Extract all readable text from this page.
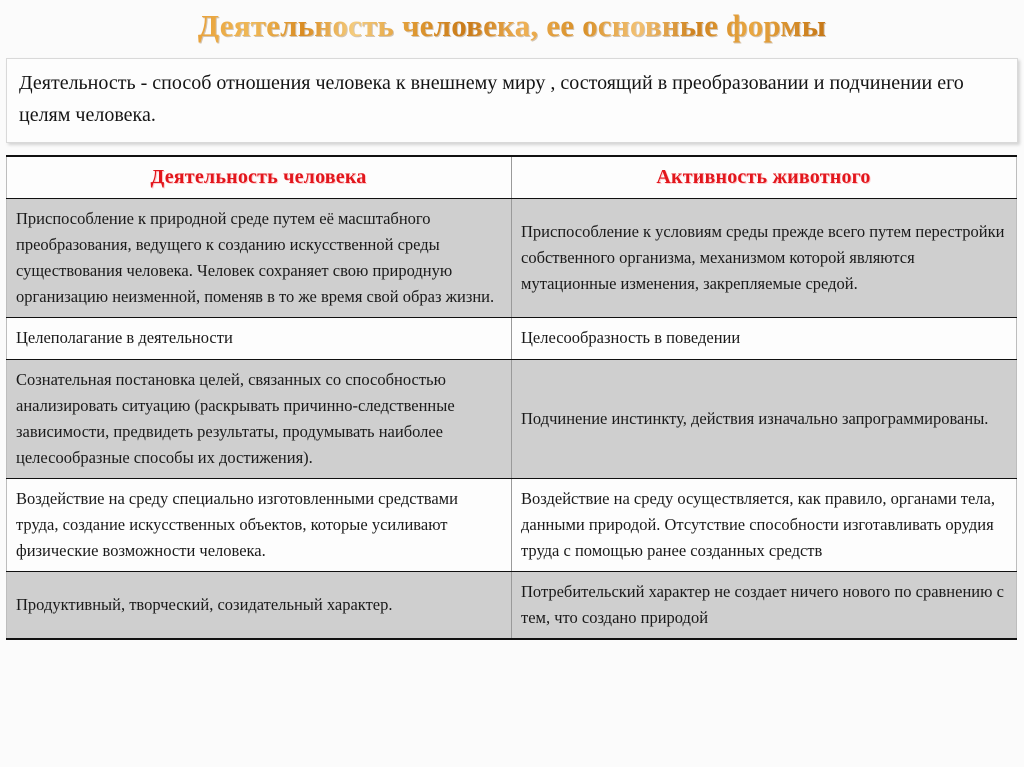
Деятельность человека, ее основные формы
Деятельность - способ отношения человека к внешнему миру , состоящий в преобразовании и подчинении его целям человека.
Деятельность человека	Активность животного

Приспособление к природной среде путем её масштабного преобразования, ведущего к созданию искусственной среды существования человека. Человек сохраняет свою природную организацию неизменной, поменяв в то же время свой образ жизни.	Приспособление к условиям среды прежде всего путем перестройки собственного организма, механизмом которой являются мутационные изменения, закрепляемые средой.

Целеполагание в деятельности	Целесообразность в поведении

Сознательная постановка целей, связанных со способностью анализировать ситуацию (раскрывать причинно-следственные зависимости, предвидеть результаты, продумывать наиболее целесообразные способы их достижения).	Подчинение инстинкту, действия изначально запрограммированы.

Воздействие на среду специально изготовленными средствами труда, создание искусственных объектов, которые усиливают физические возможности человека.	Воздействие на среду осуществляется, как правило, органами тела, данными природой. Отсутствие способности изготавливать орудия труда с помощью ранее созданных средств

Продуктивный, творческий, созидательный характер.	Потребительский характер не создает ничего нового по сравнению с тем, что создано природой
